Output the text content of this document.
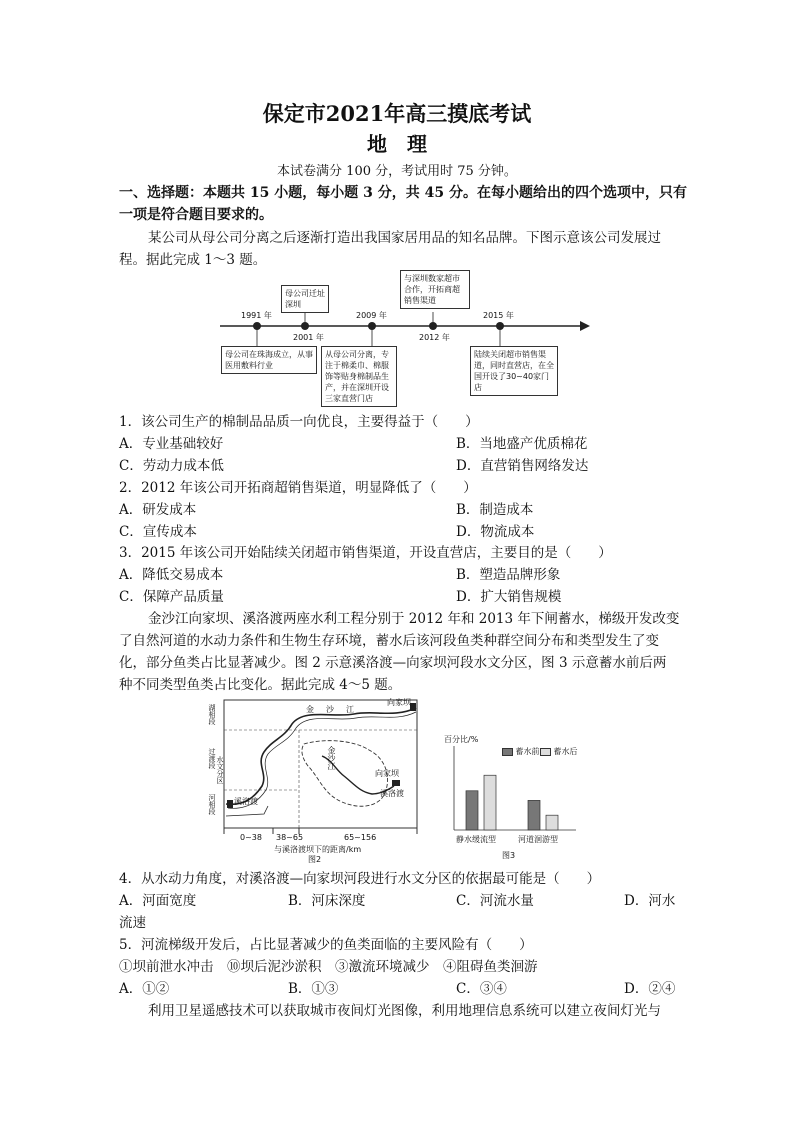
保定市2021年高三摸底考试
地　理
本试卷满分 100 分，考试用时 75 分钟。
一、选择题：本题共 15 小题，每小题 3 分，共 45 分。在每小题给出的四个选项中，只有
一项是符合题目要求的。
某公司从母公司分离之后逐渐打造出我国家居用品的知名品牌。下图示意该公司发展过
程。据此完成 1～3 题。
1991 年
2001 年
2009 年
2012 年
2015 年
母公司迁址深圳
与深圳数家超市合作，开拓商超销售渠道
母公司在珠海成立，从事医用敷料行业
从母公司分离，专注于棉柔巾、棉服饰等贴身棉制品生产，并在深圳开设三家直营门店
陆续关闭超市销售渠道，同时直营店，在全国开设了30~40家门店
1．该公司生产的棉制品品质一向优良，主要得益于（　　）
A．专业基础较好	B．当地盛产优质棉花
C．劳动力成本低	D．直营销售网络发达
2．2012 年该公司开拓商超销售渠道，明显降低了（　　）
A．研发成本	B．制造成本
C．宣传成本	D．物流成本
3．2015 年该公司开始陆续关闭超市销售渠道，开设直营店，主要目的是（　　）
A．降低交易成本	B．塑造品牌形象
C．保障产品质量	D．扩大销售规模
金沙江向家坝、溪洛渡两座水利工程分别于 2012 年和 2013 年下闸蓄水，梯级开发改变
了自然河道的水动力条件和生物生存环境，蓄水后该河段鱼类种群空间分布和类型发生了变
化，部分鱼类占比显著减少。图 2 示意溪洛渡—向家坝河段水文分区，图 3 示意蓄水前后两
种不同类型鱼类占比变化。据此完成 4～5 题。
金　沙　江
向家坝
向家坝
金沙江
溪洛渡
溪洛渡
湖相段
过渡段 水文分区
河相段
0~38 38~65	65~156
与溪洛渡坝下的距离/km
图2
百分比/%
蓄水前	蓄水后
静水缓流型	河道洄游型
图3
4．从水动力角度，对溪洛渡—向家坝河段进行水文分区的依据最可能是（　　）
A．河面宽度	B．河床深度	C．河流水量	D．河水
流速
5．河流梯级开发后，占比显著减少的鱼类面临的主要风险有（　　）
①坝前泄水冲击　⑩坝后泥沙淤积　③激流环境减少　④阻碍鱼类洄游
A．①②	B．①③	C．③④	D．②④
利用卫星遥感技术可以获取城市夜间灯光图像，利用地理信息系统可以建立夜间灯光与
